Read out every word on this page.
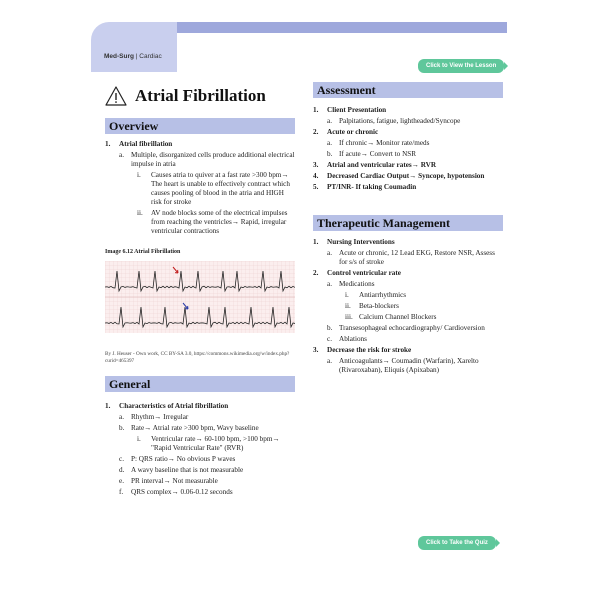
Med-Surg | Cardiac
Click to View the Lesson
Atrial Fibrillation
Overview
1. Atrial fibrillation
a. Multiple, disorganized cells produce additional electrical impulse in atria
i. Causes atria to quiver at a fast rate >300 bpm→ The heart is unable to effectively contract which causes pooling of blood in the atria and HIGH risk for stroke
ii. AV node blocks some of the electrical impulses from reaching the ventricles→ Rapid, irregular ventricular contractions
Image 6.12 Atrial Fibrillation
By J. Heuser - Own work, CC BY-SA 3.0, https://commons.wikimedia.org/w/index.php?curid=465397
General
1. Characteristics of Atrial fibrillation
a. Rhythm→ Irregular
b. Rate→ Atrial rate >300 bpm, Wavy baseline
i. Ventricular rate→ 60-100 bpm, >100 bpm→ "Rapid Ventricular Rate" (RVR)
c. P: QRS ratio→ No obvious P waves
d. A wavy baseline that is not measurable
e. PR interval→ Not measurable
f. QRS complex→ 0.06-0.12 seconds
Assessment
1. Client Presentation
a. Palpitations, fatigue, lightheaded/Syncope
2. Acute or chronic
a. If chronic→ Monitor rate/meds
b. If acute→ Convert to NSR
3. Atrial and ventricular rates→ RVR
4. Decreased Cardiac Output→ Syncope, hypotension
5. PT/INR- If taking Coumadin
Therapeutic Management
1. Nursing Interventions
a. Acute or chronic, 12 Lead EKG, Restore NSR, Assess for s/s of stroke
2. Control ventricular rate
a. Medications
i. Antiarrhythmics
ii. Beta-blockers
iii. Calcium Channel Blockers
b. Transesophageal echocardiography/ Cardioversion
c. Ablations
3. Decrease the risk for stroke
a. Anticoagulants→ Coumadin (Warfarin), Xarelto (Rivaroxaban), Eliquis (Apixaban)
Click to Take the Quiz
